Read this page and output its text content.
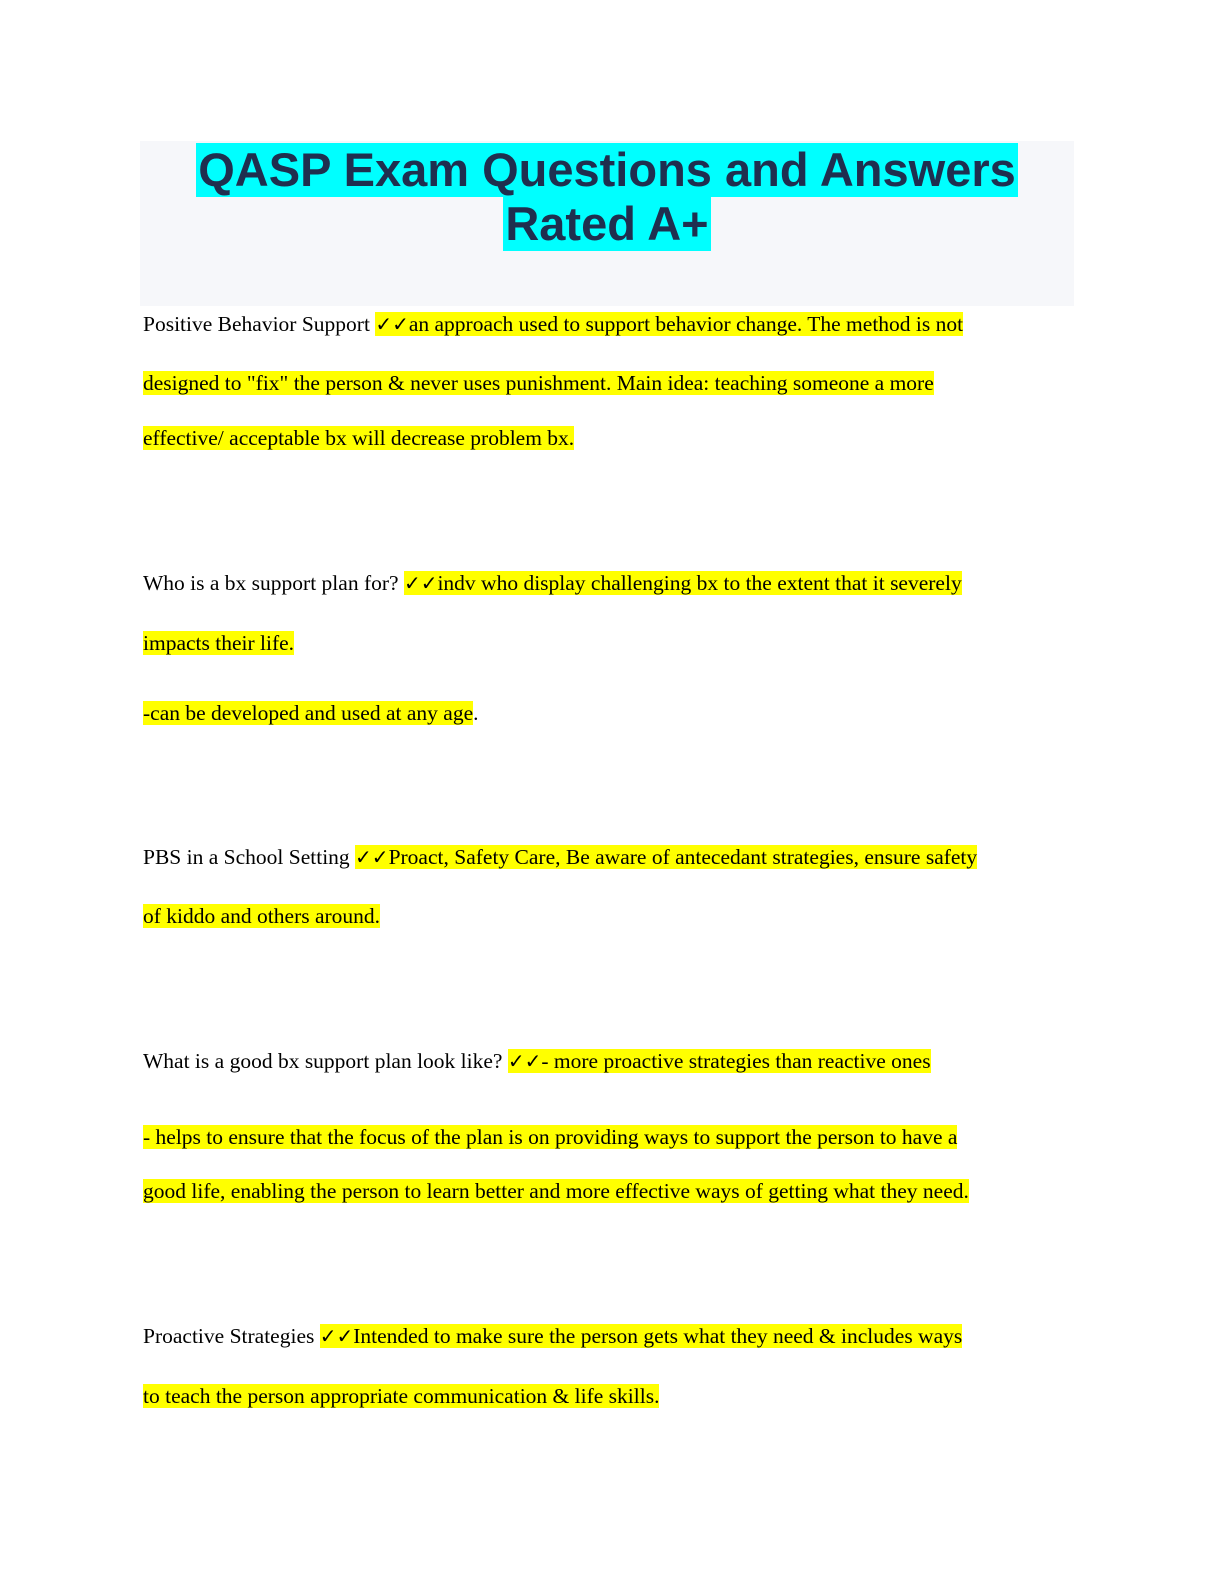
QASP Exam Questions and Answers
Rated A+
Positive Behavior Support ✓✓an approach used to support behavior change. The method is not
designed to "fix" the person & never uses punishment. Main idea: teaching someone a more
effective/ acceptable bx will decrease problem bx.
Who is a bx support plan for? ✓✓indv who display challenging bx to the extent that it severely
impacts their life.
-can be developed and used at any age.
PBS in a School Setting ✓✓Proact, Safety Care, Be aware of antecedant strategies, ensure safety
of kiddo and others around.
What is a good bx support plan look like? ✓✓- more proactive strategies than reactive ones
- helps to ensure that the focus of the plan is on providing ways to support the person to have a
good life, enabling the person to learn better and more effective ways of getting what they need.
Proactive Strategies ✓✓Intended to make sure the person gets what they need & includes ways
to teach the person appropriate communication & life skills.
